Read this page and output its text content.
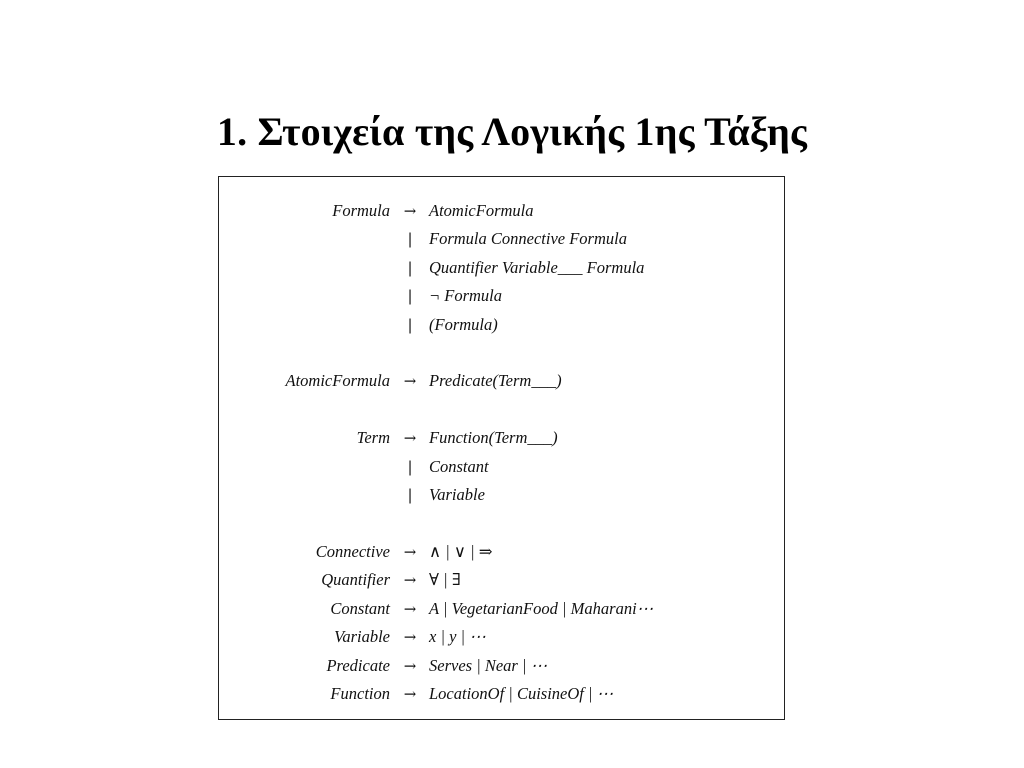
1. Στοιχεία της Λογικής 1ης Τάξης
Formula → AtomicFormula
| Formula Connective Formula
| Quantifier Variable___ Formula
| ¬ Formula
| (Formula)
AtomicFormula → Predicate(Term___)
Term → Function(Term___)
| Constant
| Variable
Connective → ∧ | ∨ | ⇒
Quantifier → ∀ | ∃
Constant → A | VegetarianFood | Maharani⋯
Variable → x | y | ⋯
Predicate → Serves | Near | ⋯
Function → LocationOf | CuisineOf | ⋯
